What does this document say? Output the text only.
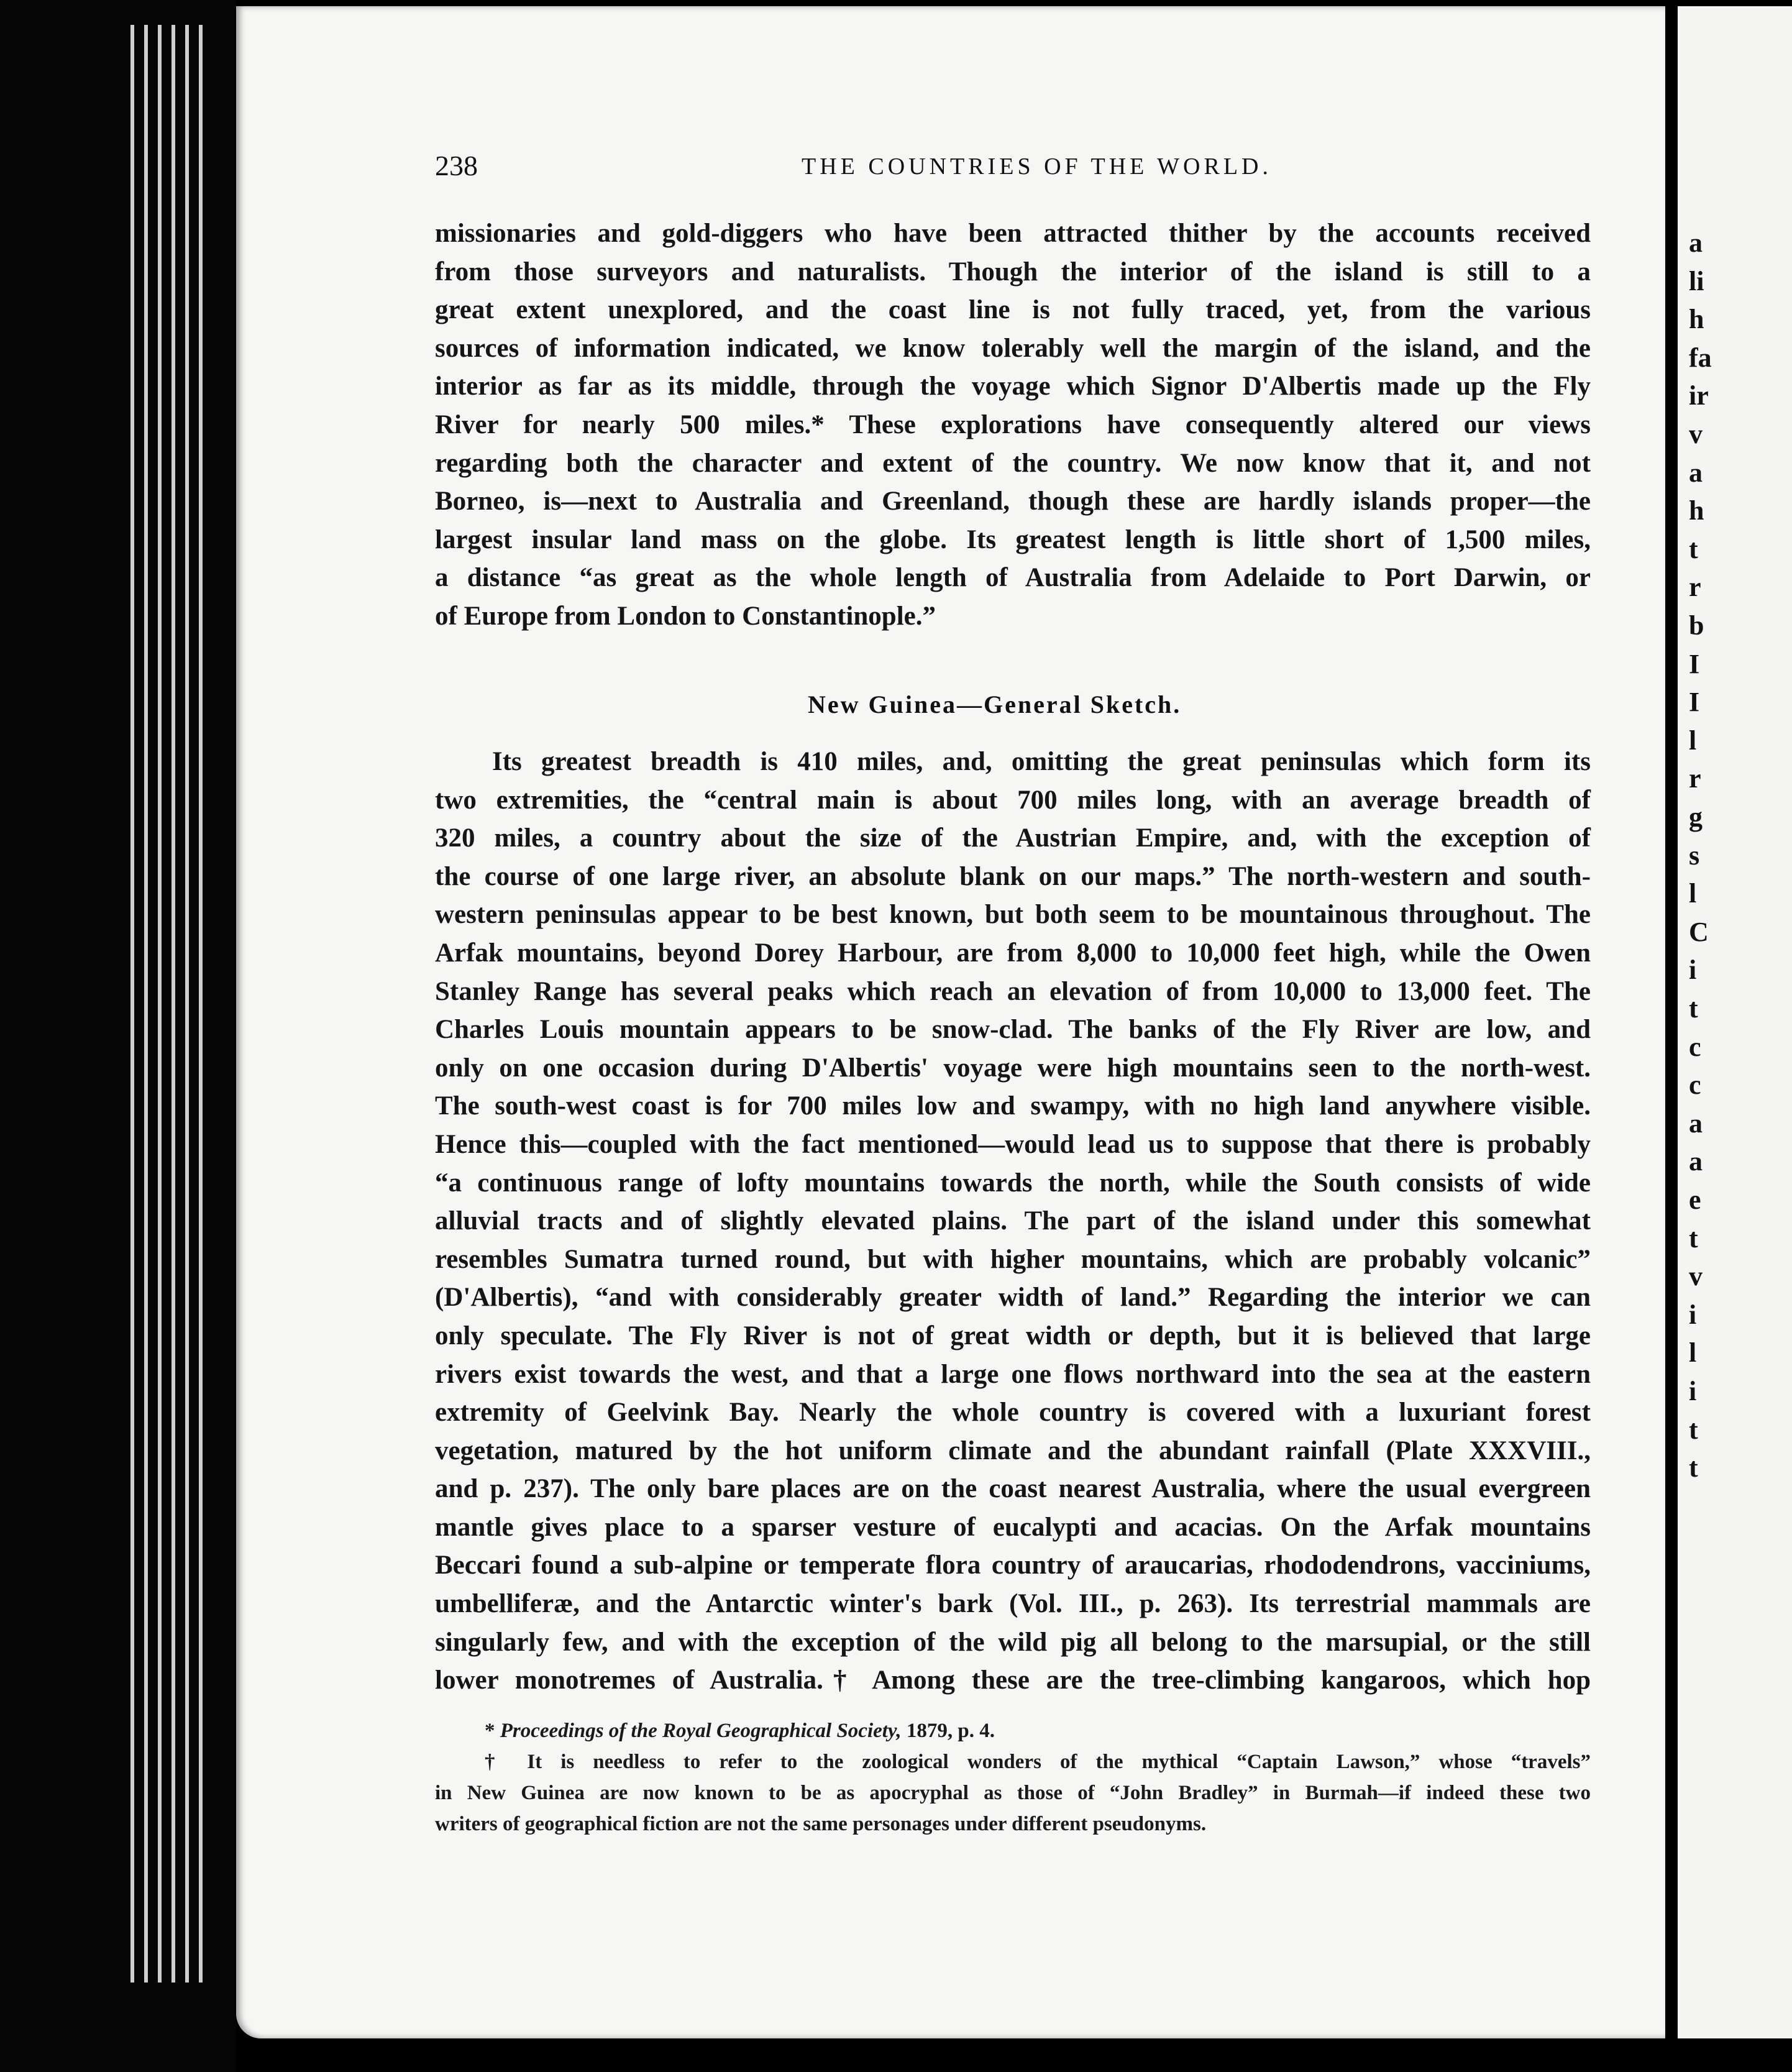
a
li
h
fa
ir
v
a
h
t
r
b
I
I
l
r
g
s
l
C
i
t
c
c
a
a
e
t
v
i
l
i
t
t
238	THE COUNTRIES OF THE WORLD.
missionaries and gold-diggers who have been attracted thither by the accounts received
from those surveyors and naturalists. Though the interior of the island is still to a
great extent unexplored, and the coast line is not fully traced, yet, from the various
sources of information indicated, we know tolerably well the margin of the island, and the
interior as far as its middle, through the voyage which Signor D'Albertis made up the Fly
River for nearly 500 miles.* These explorations have consequently altered our views
regarding both the character and extent of the country. We now know that it, and not
Borneo, is—next to Australia and Greenland, though these are hardly islands proper—the
largest insular land mass on the globe. Its greatest length is little short of 1,500 miles,
a distance “as great as the whole length of Australia from Adelaide to Port Darwin, or
of Europe from London to Constantinople.”
New Guinea—General Sketch.
Its greatest breadth is 410 miles, and, omitting the great peninsulas which form its
two extremities, the “central main is about 700 miles long, with an average breadth of
320 miles, a country about the size of the Austrian Empire, and, with the exception of
the course of one large river, an absolute blank on our maps.” The north-western and south-
western peninsulas appear to be best known, but both seem to be mountainous throughout. The
Arfak mountains, beyond Dorey Harbour, are from 8,000 to 10,000 feet high, while the Owen
Stanley Range has several peaks which reach an elevation of from 10,000 to 13,000 feet. The
Charles Louis mountain appears to be snow-clad. The banks of the Fly River are low, and
only on one occasion during D'Albertis' voyage were high mountains seen to the north-west.
The south-west coast is for 700 miles low and swampy, with no high land anywhere visible.
Hence this—coupled with the fact mentioned—would lead us to suppose that there is probably
“a continuous range of lofty mountains towards the north, while the South consists of wide
alluvial tracts and of slightly elevated plains. The part of the island under this somewhat
resembles Sumatra turned round, but with higher mountains, which are probably volcanic”
(D'Albertis), “and with considerably greater width of land.” Regarding the interior we can
only speculate. The Fly River is not of great width or depth, but it is believed that large
rivers exist towards the west, and that a large one flows northward into the sea at the eastern
extremity of Geelvink Bay. Nearly the whole country is covered with a luxuriant forest
vegetation, matured by the hot uniform climate and the abundant rainfall (Plate XXXVIII.,
and p. 237). The only bare places are on the coast nearest Australia, where the usual evergreen
mantle gives place to a sparser vesture of eucalypti and acacias. On the Arfak mountains
Beccari found a sub-alpine or temperate flora country of araucarias, rhododendrons, vacciniums,
umbelliferæ, and the Antarctic winter's bark (Vol. III., p. 263). Its terrestrial mammals are
singularly few, and with the exception of the wild pig all belong to the marsupial, or the still
lower monotremes of Australia.† Among these are the tree-climbing kangaroos, which hop
* Proceedings of the Royal Geographical Society, 1879, p. 4.
† It is needless to refer to the zoological wonders of the mythical “Captain Lawson,” whose “travels”
in New Guinea are now known to be as apocryphal as those of “John Bradley” in Burmah—if indeed these two
writers of geographical fiction are not the same personages under different pseudonyms.
